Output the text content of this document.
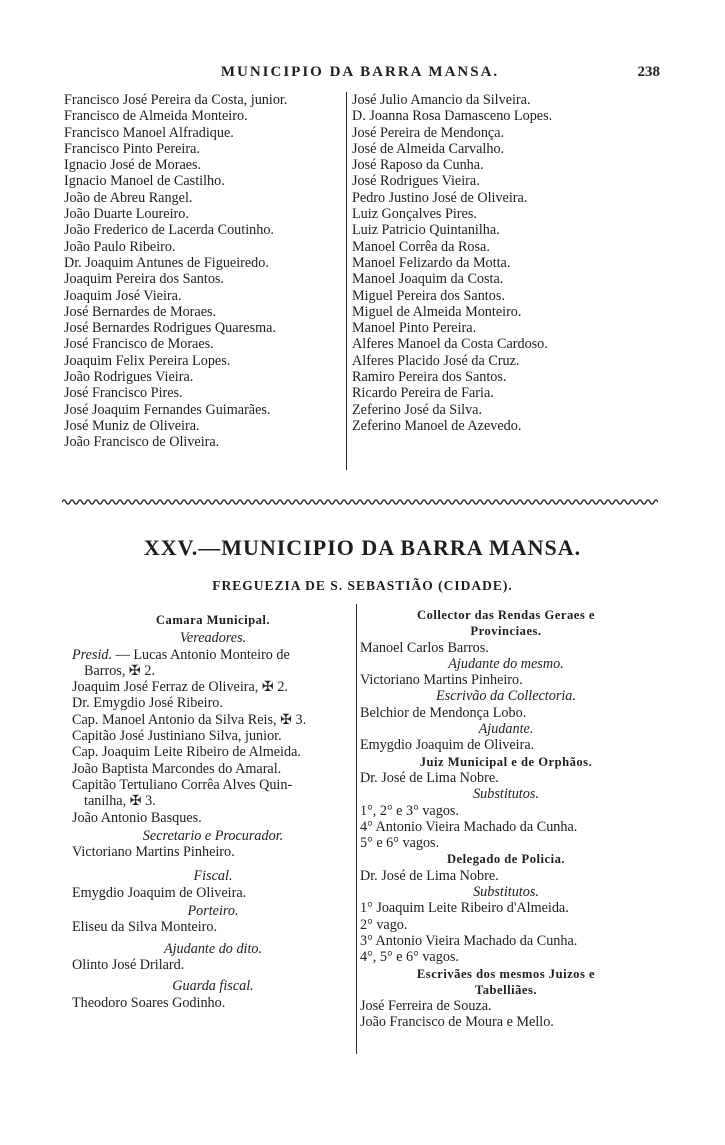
MUNICIPIO DA BARRA MANSA.	238
Francisco José Pereira da Costa, junior.
Francisco de Almeida Monteiro.
Francisco Manoel Alfradique.
Francisco Pinto Pereira.
Ignacio José de Moraes.
Ignacio Manoel de Castilho.
João de Abreu Rangel.
João Duarte Loureiro.
João Frederico de Lacerda Coutinho.
João Paulo Ribeiro.
Dr. Joaquim Antunes de Figueiredo.
Joaquim Pereira dos Santos.
Joaquim José Vieira.
José Bernardes de Moraes.
José Bernardes Rodrigues Quaresma.
José Francisco de Moraes.
Joaquim Felix Pereira Lopes.
João Rodrigues Vieira.
José Francisco Pires.
José Joaquim Fernandes Guimarães.
José Muniz de Oliveira.
João Francisco de Oliveira.
José Julio Amancio da Silveira.
D. Joanna Rosa Damasceno Lopes.
José Pereira de Mendonça.
José de Almeida Carvalho.
José Raposo da Cunha.
José Rodrigues Vieira.
Pedro Justino José de Oliveira.
Luiz Gonçalves Pires.
Luiz Patricio Quintanilha.
Manoel Corrêa da Rosa.
Manoel Felizardo da Motta.
Manoel Joaquim da Costa.
Miguel Pereira dos Santos.
Miguel de Almeida Monteiro.
Manoel Pinto Pereira.
Alferes Manoel da Costa Cardoso.
Alferes Placido José da Cruz.
Ramiro Pereira dos Santos.
Ricardo Pereira de Faria.
Zeferino José da Silva.
Zeferino Manoel de Azevedo.
XXV.—MUNICIPIO DA BARRA MANSA.
FREGUEZIA DE S. SEBASTIÃO (CIDADE).
Camara Municipal.
Vereadores.
Presid. — Lucas Antonio Monteiro de
Barros, ✠ 2.
Joaquim José Ferraz de Oliveira, ✠ 2.
Dr. Emygdio José Ribeiro.
Cap. Manoel Antonio da Silva Reis, ✠ 3.
Capitão José Justiniano Silva, junior.
Cap. Joaquim Leite Ribeiro de Almeida.
João Baptista Marcondes do Amaral.
Capitão Tertuliano Corrêa Alves Quin-
tanilha, ✠ 3.
João Antonio Basques.
Secretario e Procurador.
Victoriano Martins Pinheiro.
Fiscal.
Emygdio Joaquim de Oliveira.
Porteiro.
Eliseu da Silva Monteiro.
Ajudante do dito.
Olinto José Drilard.
Guarda fiscal.
Theodoro Soares Godinho.
Collector das Rendas Geraes e
Provinciaes.
Manoel Carlos Barros.
Ajudante do mesmo.
Victoriano Martins Pinheiro.
Escrivão da Collectoria.
Belchior de Mendonça Lobo.
Ajudante.
Emygdio Joaquim de Oliveira.
Juiz Municipal e de Orphãos.
Dr. José de Lima Nobre.
Substitutos.
1°, 2° e 3° vagos.
4° Antonio Vieira Machado da Cunha.
5° e 6° vagos.
Delegado de Policia.
Dr. José de Lima Nobre.
Substitutos.
1° Joaquim Leite Ribeiro d'Almeida.
2° vago.
3° Antonio Vieira Machado da Cunha.
4°, 5° e 6° vagos.
Escrivães dos mesmos Juizos e
Tabelliães.
José Ferreira de Souza.
João Francisco de Moura e Mello.
